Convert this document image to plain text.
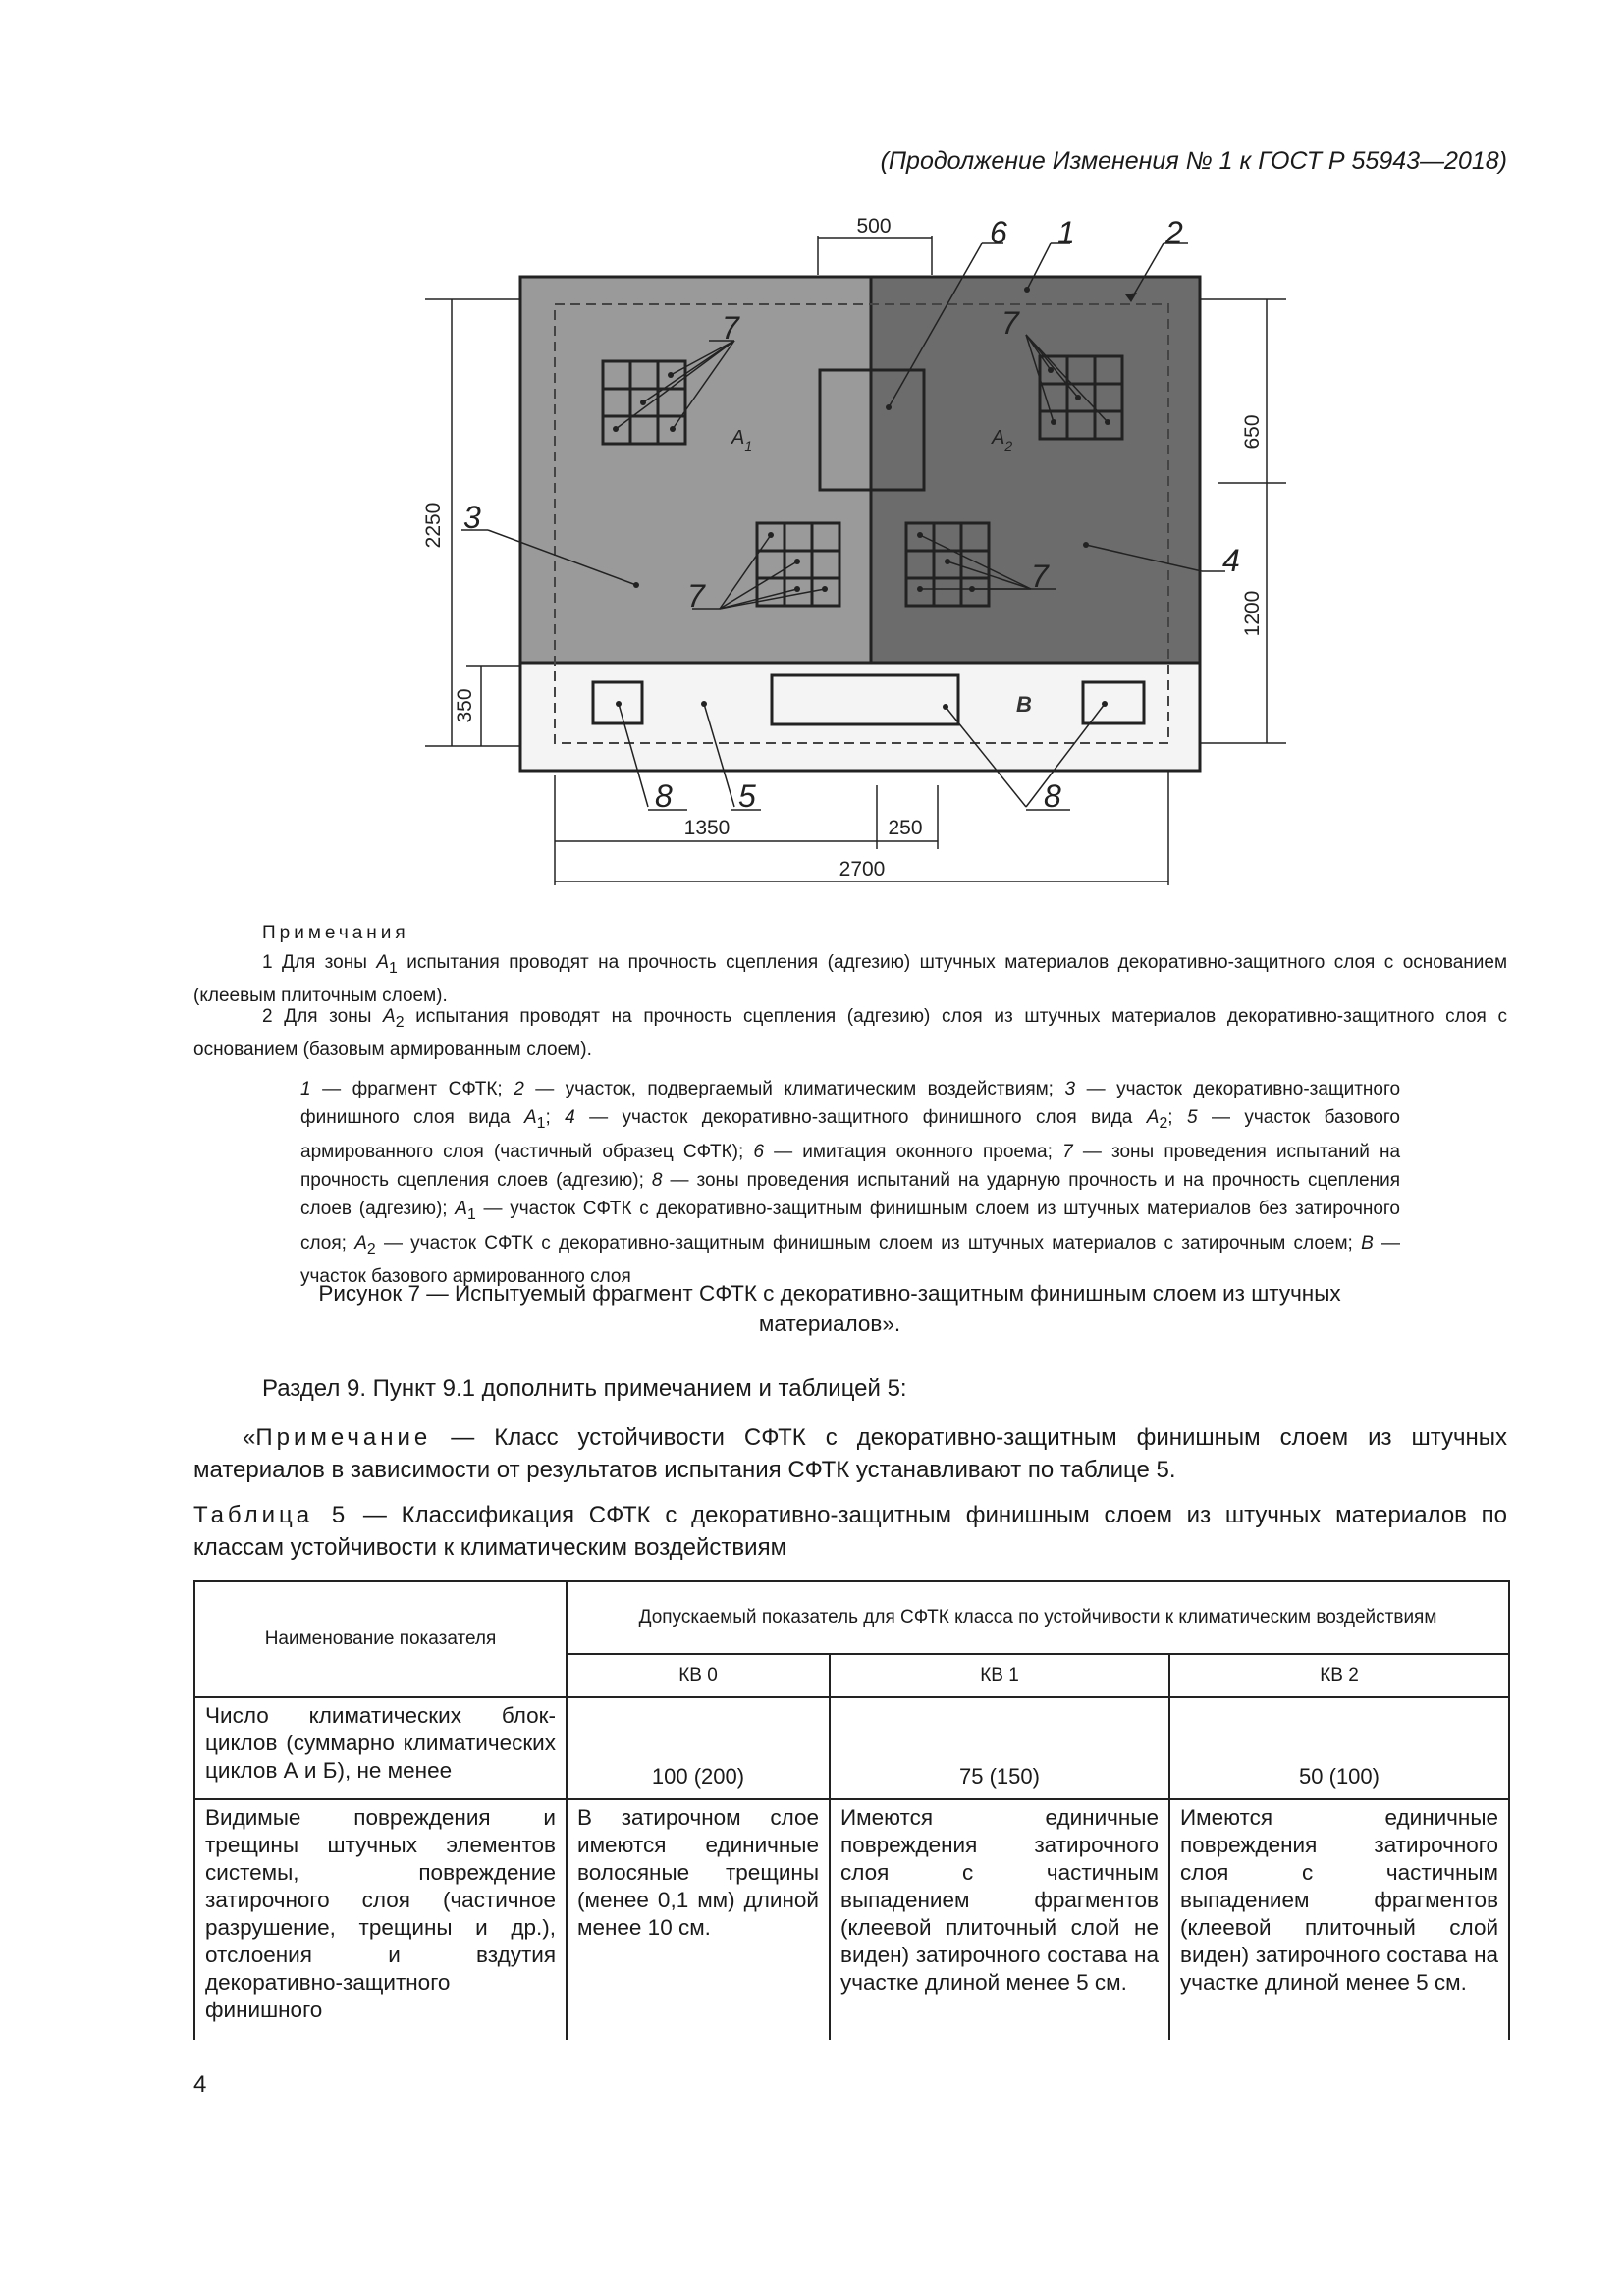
(Продолжение Изменения № 1 к ГОСТ Р 55943—2018)
$A_1$	$A_2$
B
6 1	2
7	7
3
4
7
7
8 5	8
500
2250
350
650
1200
1350	250
2700
Примечания
1 Для зоны $A_1$ испытания проводят на прочность сцепления (адгезию) штучных материалов декоративно-защитного слоя с основанием (клеевым плиточным слоем).
2 Для зоны $A_2$ испытания проводят на прочность сцепления (адгезию) слоя из штучных материалов декоративно-защитного слоя с основанием (базовым армированным слоем).
1 — фрагмент СФТК; 2 — участок, подвергаемый климатическим воздействиям; 3 — участок декоративно-защитного финишного слоя вида $A_1$; 4 — участок декоративно-защитного финишного слоя вида $A_2$; 5 — участок базового армированного слоя (частичный образец СФТК); 6 — имитация оконного проема; 7 — зоны проведения испытаний на прочность сцепления слоев (адгезию); 8 — зоны проведения испытаний на ударную прочность и на прочность сцепления слоев (адгезию); $A_1$ — участок СФТК с декоративно-защитным финишным слоем из штучных материалов без затирочного слоя; $A_2$ — участок СФТК с декоративно-защитным финишным слоем из штучных материалов с затирочным слоем; B — участок базового армированного слоя
Рисунок 7 — Испытуемый фрагмент СФТК с декоративно-защитным финишным слоем из штучных материалов».
Раздел 9. Пункт 9.1 дополнить примечанием и таблицей 5:
«Примечание — Класс устойчивости СФТК с декоративно-защитным финишным слоем из штучных материалов в зависимости от результатов испытания СФТК устанавливают по таблице 5.
Таблица 5 — Классификация СФТК с декоративно-защитным финишным слоем из штучных материалов по классам устойчивости к климатическим воздействиям
Наименование показателя	Допускаемый показатель для СФТК класса по устойчивости к климатическим воздействиям		
	КВ 0	КВ 1	КВ 2
Число климатических блок-циклов (суммарно климатических циклов А и Б), не менее	100 (200)	75 (150)	50 (100)
Видимые повреждения и трещины штучных элементов системы, повреждение затирочного слоя (частичное разрушение, трещины и др.), отслоения и вздутия декоративно-защитного финишного	В затирочном слое имеются единичные волосяные трещины (менее 0,1 мм) длиной менее 10 см.	Имеются единичные повреждения затирочного слоя с частичным выпадением фрагментов (клеевой плиточный слой не виден) затирочного состава на участке длиной менее 5 см.	Имеются единичные повреждения затирочного слоя с частичным выпадением фрагментов (клеевой плиточный слой виден) затирочного состава на участке длиной менее 5 см.
4
